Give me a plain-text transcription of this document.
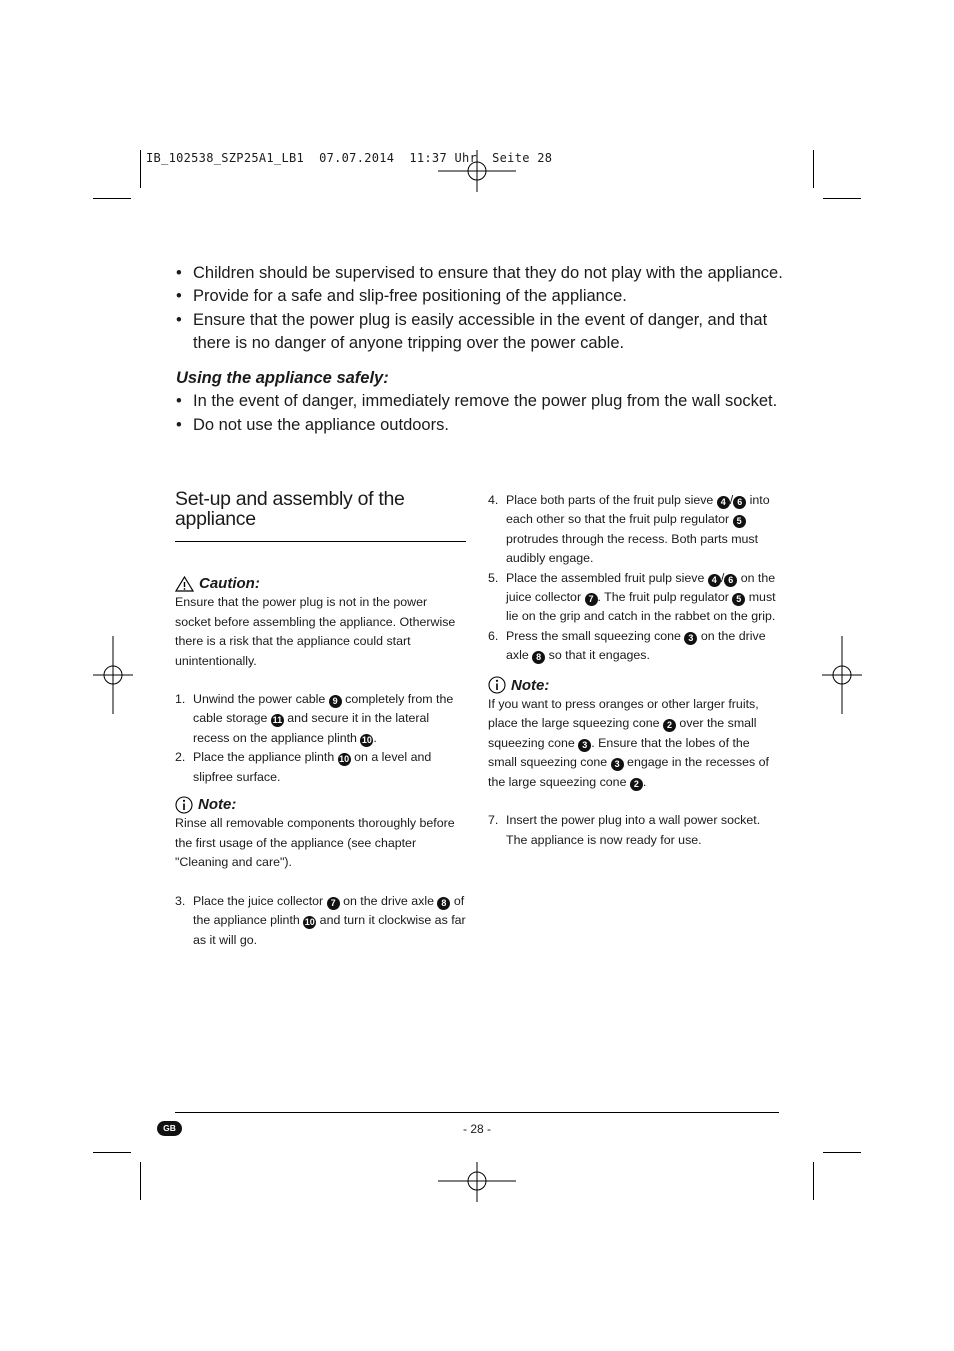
IB_102538_SZP25A1_LB1  07.07.2014  11:37 Uhr  Seite 28
• Children should be supervised to ensure that they do not play with the appliance.
• Provide for a safe and slip-free positioning of the appliance.
• Ensure that the power plug is easily accessible in the event of danger, and that there is no danger of anyone tripping over the power cable.
Using the appliance safely:
• In the event of danger, immediately remove the power plug from the wall socket.
• Do not use the appliance outdoors.
Set-up and assembly of the
appliance
Caution:
Ensure that the power plug is not in the power socket before assembling the appliance. Otherwise there is a risk that the appliance could start unintentionally.
1. Unwind the power cable 9 completely from the cable storage 11 and secure it in the lateral recess on the appliance plinth 10 .
2. Place the appliance plinth 10 on a level and slipfree surface.
Note:
Rinse all removable components thoroughly before the first usage of the appliance (see chapter "Cleaning and care").
3. Place the juice collector 7 on the drive axle 8 of the appliance plinth 10 and turn it clockwise as far as it will go.
4. Place both parts of the fruit pulp sieve 4 / 6 into each other so that the fruit pulp regulator 5 protrudes through the recess. Both parts must audibly engage.
5. Place the assembled fruit pulp sieve 4 / 6 on the juice collector 7 . The fruit pulp regulator 5 must lie on the grip and catch in the rabbet on the grip.
6. Press the small squeezing cone 3 on the drive axle 8 so that it engages.
Note:
If you want to press oranges or other larger fruits, place the large squeezing cone 2 over the small squeezing cone 3 . Ensure that the lobes of the small squeezing cone 3 engage in the recesses of the large squeezing cone 2 .
7. Insert the power plug into a wall power socket. The appliance is now ready for use.
GB	- 28 -
